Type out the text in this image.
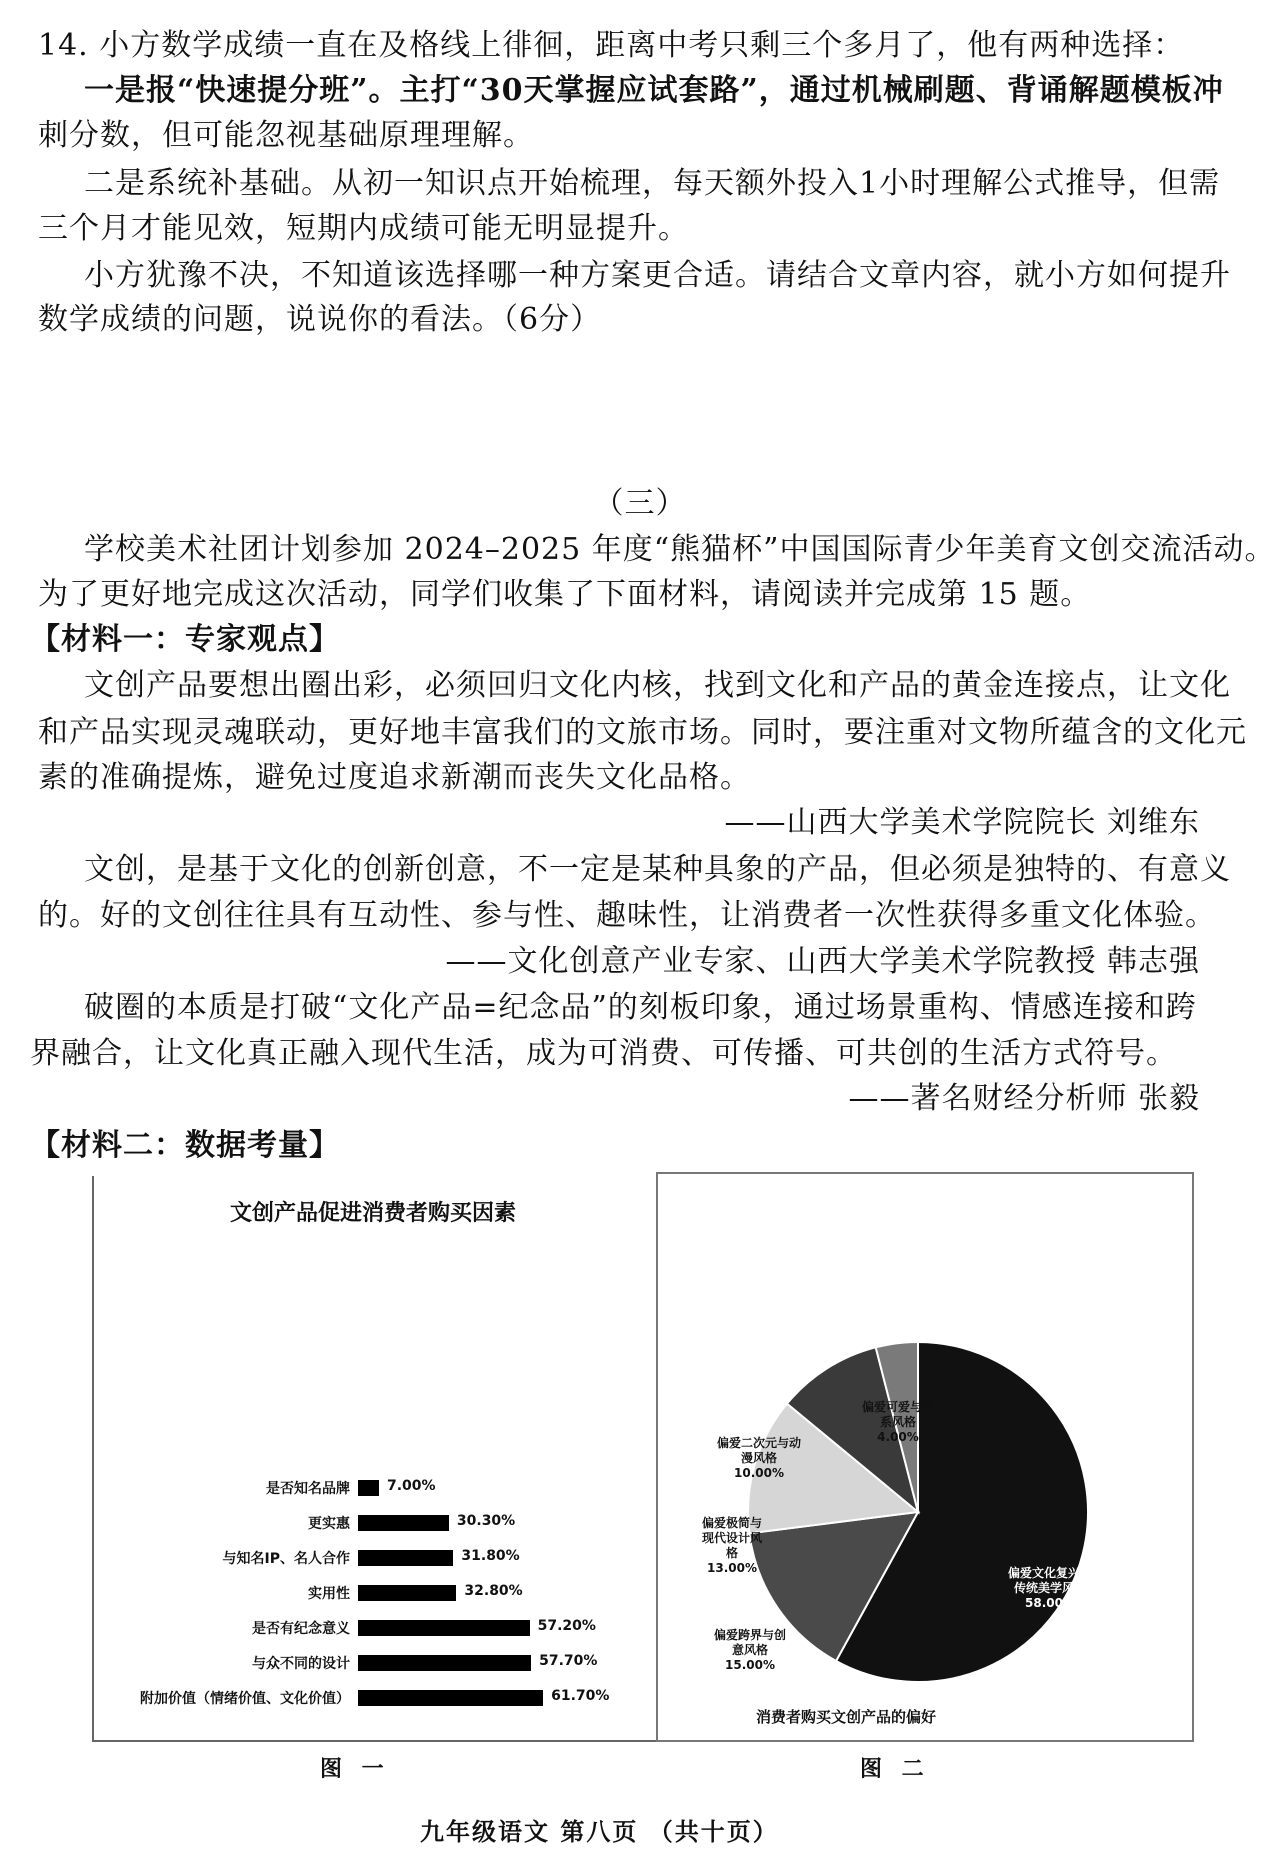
14. 小方数学成绩一直在及格线上徘徊，距离中考只剩三个多月了，他有两种选择：
一是报“快速提分班”。主打“30天掌握应试套路”，通过机械刷题、背诵解题模板冲
刺分数，但可能忽视基础原理理解。
二是系统补基础。从初一知识点开始梳理，每天额外投入1小时理解公式推导，但需
三个月才能见效，短期内成绩可能无明显提升。
小方犹豫不决，不知道该选择哪一种方案更合适。请结合文章内容，就小方如何提升
数学成绩的问题，说说你的看法。（6分）
（三）
学校美术社团计划参加 2024–2025 年度“熊猫杯”中国国际青少年美育文创交流活动。
为了更好地完成这次活动，同学们收集了下面材料，请阅读并完成第 15 题。
【材料一：专家观点】
文创产品要想出圈出彩，必须回归文化内核，找到文化和产品的黄金连接点，让文化
和产品实现灵魂联动，更好地丰富我们的文旅市场。同时，要注重对文物所蕴含的文化元
素的准确提炼，避免过度追求新潮而丧失文化品格。
——山西大学美术学院院长 刘维东
文创，是基于文化的创新创意，不一定是某种具象的产品，但必须是独特的、有意义
的。好的文创往往具有互动性、参与性、趣味性，让消费者一次性获得多重文化体验。
——文化创意产业专家、山西大学美术学院教授 韩志强
破圈的本质是打破“文化产品=纪念品”的刻板印象，通过场景重构、情感连接和跨
界融合，让文化真正融入现代生活，成为可消费、可传播、可共创的生活方式符号。
——著名财经分析师 张毅
【材料二：数据考量】
文创产品促进消费者购买因素
是否知名品牌	7.00%
更实惠	30.30%
与知名IP、名人合作	31.80%
实用性	32.80%
是否有纪念意义	57.20%
与众不同的设计	57.70%
附加价值（情绪价值、文化价值）	61.70%
图 一
偏爱文化复兴与传统美学风格
58.00%
偏爱跨界与创意风格
15.00%
偏爱极简与现代设计风格
13.00%
偏爱二次元与动漫风格
10.00%
偏爱可爱与萌系风格
4.00%
消费者购买文创产品的偏好
图 二
九年级语文 第八页 （共十页）
